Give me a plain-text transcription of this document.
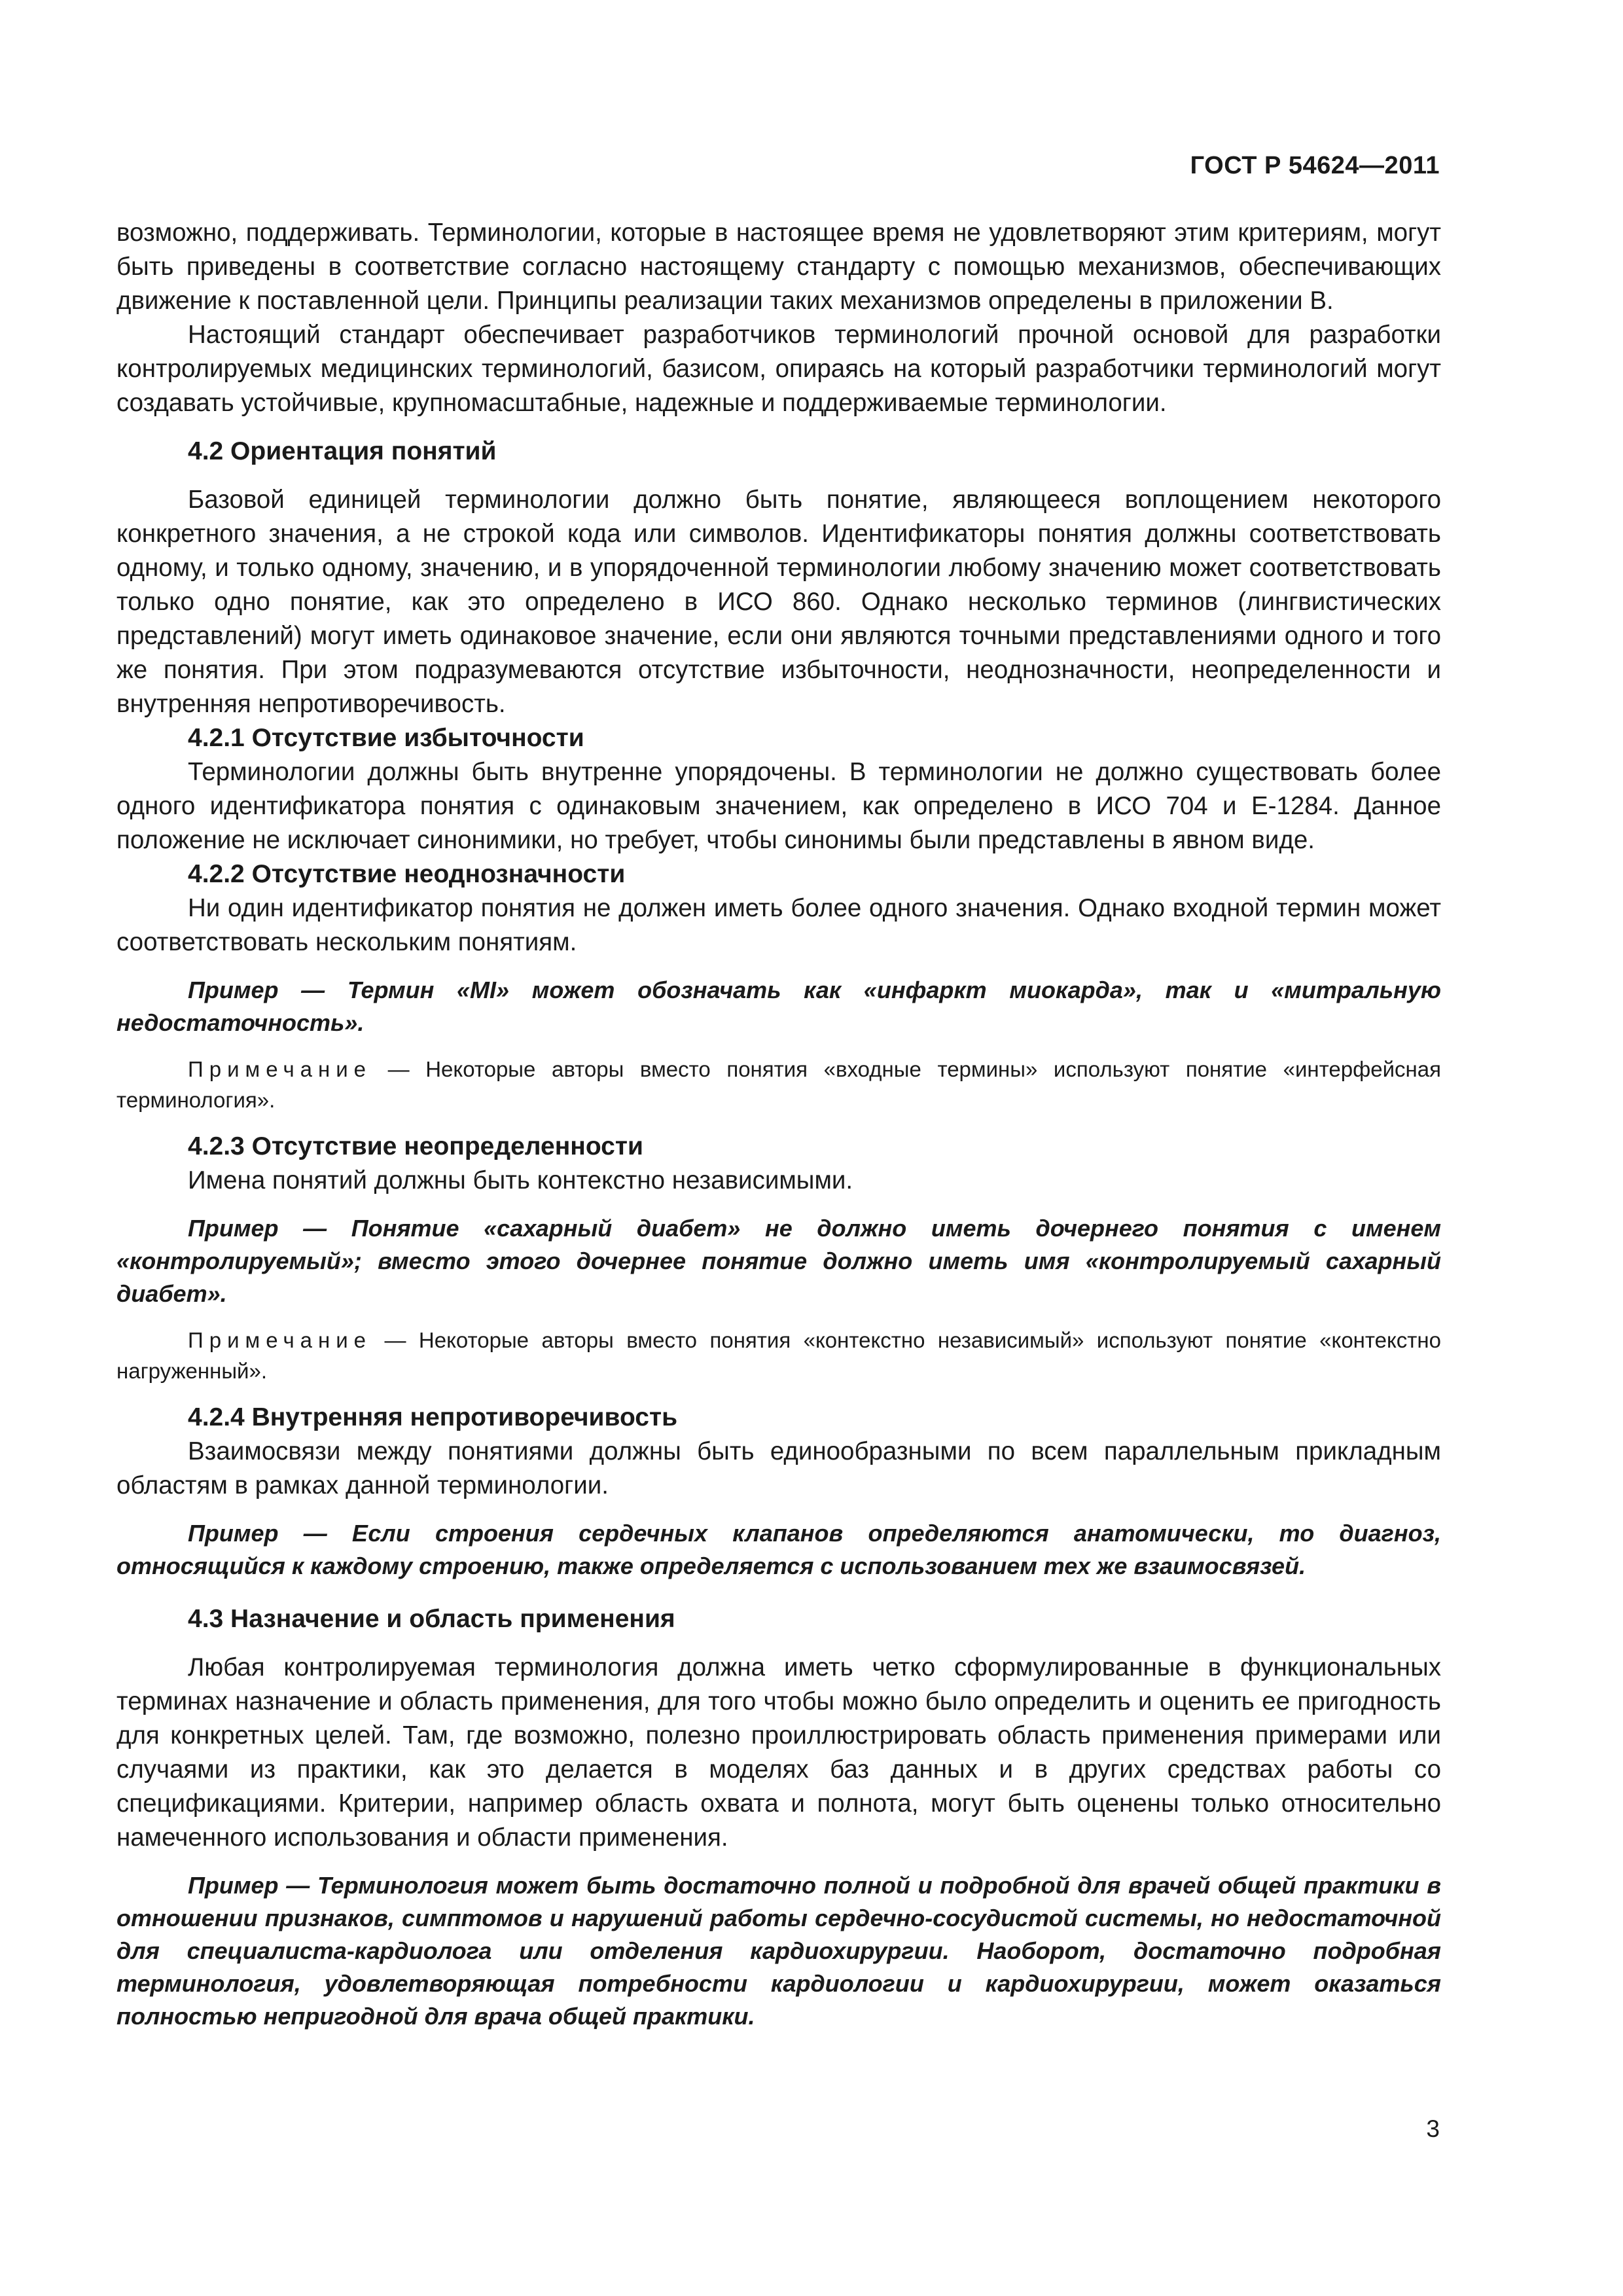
ГОСТ Р 54624—2011

возможно, поддерживать. Терминологии, которые в настоящее время не удовлетворяют этим критериям, могут быть приведены в соответствие согласно настоящему стандарту с помощью механизмов, обеспечивающих движение к поставленной цели. Принципы реализации таких механизмов определены в приложении В.

Настоящий стандарт обеспечивает разработчиков терминологий прочной основой для разработки контролируемых медицинских терминологий, базисом, опираясь на который разработчики терминологий могут создавать устойчивые, крупномасштабные, надежные и поддерживаемые терминологии.

4.2 Ориентация понятий

Базовой единицей терминологии должно быть понятие, являющееся воплощением некоторого конкретного значения, а не строкой кода или символов. Идентификаторы понятия должны соответствовать одному, и только одному, значению, и в упорядоченной терминологии любому значению может соответствовать только одно понятие, как это определено в ИСО 860. Однако несколько терминов (лингвистических представлений) могут иметь одинаковое значение, если они являются точными представлениями одного и того же понятия. При этом подразумеваются отсутствие избыточности, неоднозначности, неопределенности и внутренняя непротиворечивость.

4.2.1 Отсутствие избыточности

Терминологии должны быть внутренне упорядочены. В терминологии не должно существовать более одного идентификатора понятия с одинаковым значением, как определено в ИСО 704 и Е-1284. Данное положение не исключает синонимики, но требует, чтобы синонимы были представлены в явном виде.

4.2.2 Отсутствие неоднозначности

Ни один идентификатор понятия не должен иметь более одного значения. Однако входной термин может соответствовать нескольким понятиям.

Пример — Термин «MI» может обозначать как «инфаркт миокарда», так и «митральную недостаточность».

Примечание — Некоторые авторы вместо понятия «входные термины» используют понятие «интерфейсная терминология».

4.2.3 Отсутствие неопределенности

Имена понятий должны быть контекстно независимыми.

Пример — Понятие «сахарный диабет» не должно иметь дочернего понятия с именем «контролируемый»; вместо этого дочернее понятие должно иметь имя «контролируемый сахарный диабет».

Примечание — Некоторые авторы вместо понятия «контекстно независимый» используют понятие «контекстно нагруженный».

4.2.4 Внутренняя непротиворечивость

Взаимосвязи между понятиями должны быть единообразными по всем параллельным прикладным областям в рамках данной терминологии.

Пример — Если строения сердечных клапанов определяются анатомически, то диагноз, относящийся к каждому строению, также определяется с использованием тех же взаимосвязей.

4.3 Назначение и область применения

Любая контролируемая терминология должна иметь четко сформулированные в функциональных терминах назначение и область применения, для того чтобы можно было определить и оценить ее пригодность для конкретных целей. Там, где возможно, полезно проиллюстрировать область применения примерами или случаями из практики, как это делается в моделях баз данных и в других средствах работы со спецификациями. Критерии, например область охвата и полнота, могут быть оценены только относительно намеченного использования и области применения.

Пример — Терминология может быть достаточно полной и подробной для врачей общей практики в отношении признаков, симптомов и нарушений работы сердечно-сосудистой системы, но недостаточной для специалиста-кардиолога или отделения кардиохирургии. Наоборот, достаточно подробная терминология, удовлетворяющая потребности кардиологии и кардиохирургии, может оказаться полностью непригодной для врача общей практики.

3
